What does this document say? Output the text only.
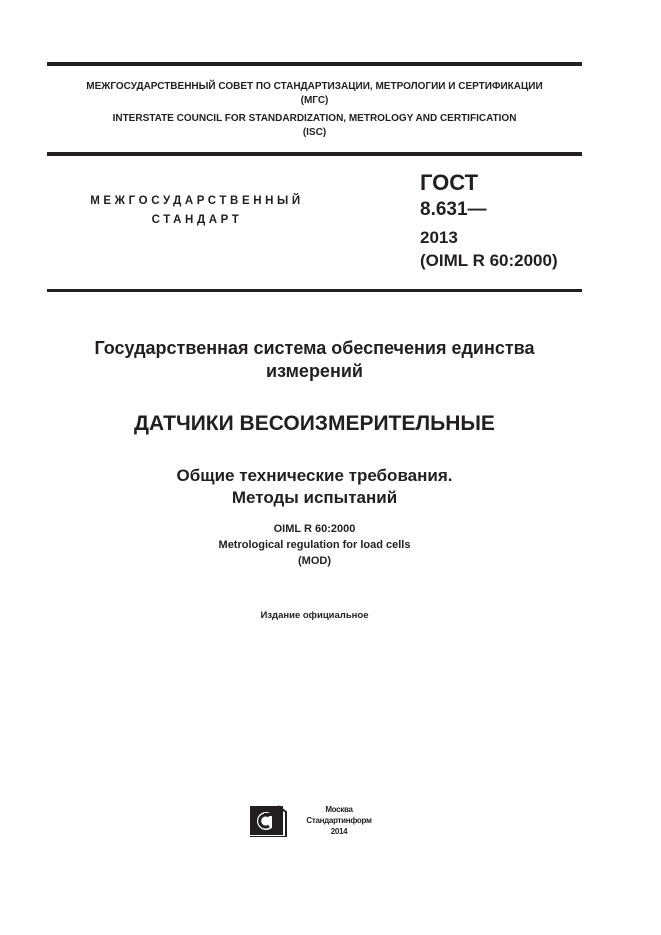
МЕЖГОСУДАРСТВЕННЫЙ СОВЕТ ПО СТАНДАРТИЗАЦИИ, МЕТРОЛОГИИ И СЕРТИФИКАЦИИ
(МГС)
INTERSTATE COUNCIL FOR STANDARDIZATION, METROLOGY AND CERTIFICATION
(ISC)
МЕЖГОСУДАРСТВЕННЫЙ
СТАНДАРТ
ГОСТ
8.631—
2013
(OIML R 60:2000)
Государственная система обеспечения единства
измерений
ДАТЧИКИ ВЕСОИЗМЕРИТЕЛЬНЫЕ
Общие технические требования.
Методы испытаний
OIML R 60:2000
Metrological regulation for load cells
(MOD)
Издание официальное
Москва
Стандартинформ
2014
